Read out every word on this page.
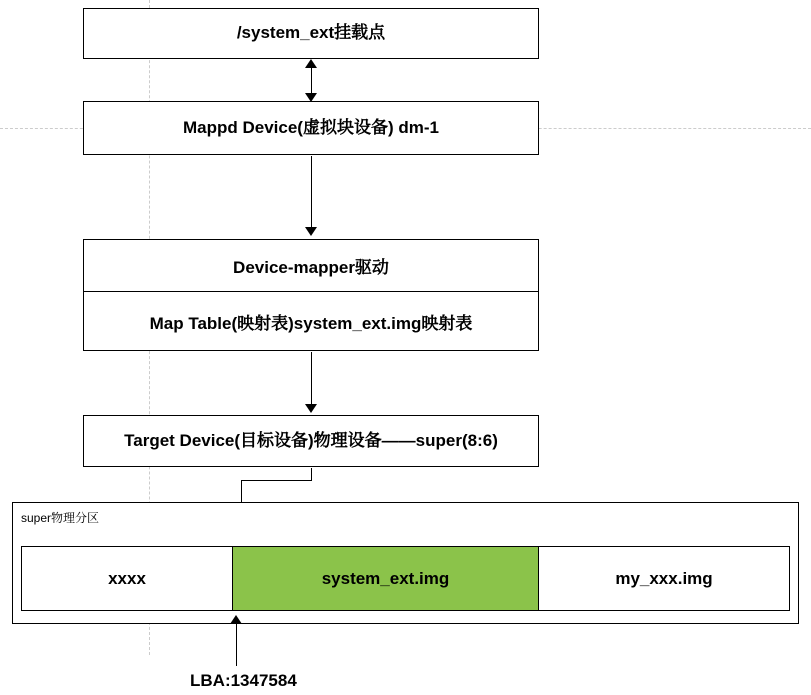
/system_ext挂载点
Mappd Device(虚拟块设备) dm-1
Device-mapper驱动
Map Table(映射表)system_ext.img映射表
Target Device(目标设备)物理设备——super(8:6)
super物理分区
xxxx	system_ext.img	my_xxx.img
LBA:1347584
